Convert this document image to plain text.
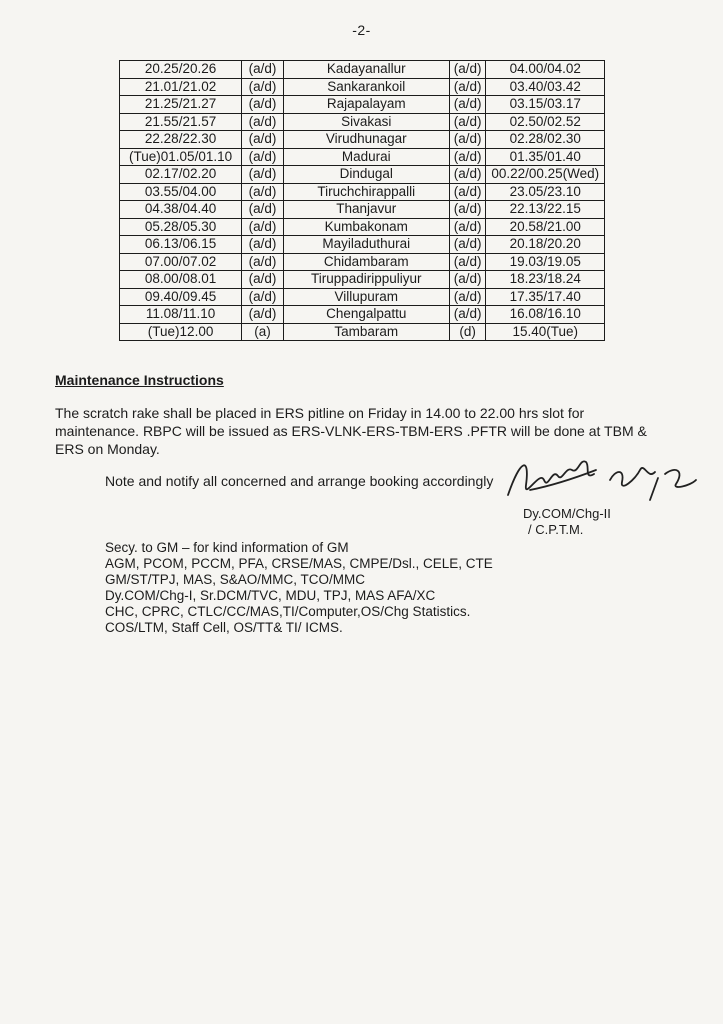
-2-
20.25/20.26	(a/d)	Kadayanallur	(a/d)	04.00/04.02
21.01/21.02	(a/d)	Sankarankoil	(a/d)	03.40/03.42
21.25/21.27	(a/d)	Rajapalayam	(a/d)	03.15/03.17
21.55/21.57	(a/d)	Sivakasi	(a/d)	02.50/02.52
22.28/22.30	(a/d)	Virudhunagar	(a/d)	02.28/02.30
(Tue)01.05/01.10	(a/d)	Madurai	(a/d)	01.35/01.40
02.17/02.20	(a/d)	Dindugal	(a/d)	00.22/00.25(Wed)
03.55/04.00	(a/d)	Tiruchchirappalli	(a/d)	23.05/23.10
04.38/04.40	(a/d)	Thanjavur	(a/d)	22.13/22.15
05.28/05.30	(a/d)	Kumbakonam	(a/d)	20.58/21.00
06.13/06.15	(a/d)	Mayiladuthurai	(a/d)	20.18/20.20
07.00/07.02	(a/d)	Chidambaram	(a/d)	19.03/19.05
08.00/08.01	(a/d)	Tiruppadirippuliyur	(a/d)	18.23/18.24
09.40/09.45	(a/d)	Villupuram	(a/d)	17.35/17.40
11.08/11.10	(a/d)	Chengalpattu	(a/d)	16.08/16.10
(Tue)12.00	(a)	Tambaram	(d)	15.40(Tue)
Maintenance Instructions
The scratch rake shall be placed in ERS pitline on Friday in 14.00 to 22.00 hrs slot for
maintenance. RBPC will be issued as ERS-VLNK-ERS-TBM-ERS .PFTR will be done at TBM &
ERS on Monday.
Note and notify all concerned and arrange booking accordingly
Dy.COM/Chg-II
/ C.P.T.M.
Secy. to GM – for kind information of GM
AGM, PCOM, PCCM, PFA, CRSE/MAS, CMPE/Dsl., CELE, CTE
GM/ST/TPJ, MAS, S&AO/MMC, TCO/MMC
Dy.COM/Chg-I, Sr.DCM/TVC, MDU, TPJ, MAS AFA/XC
CHC, CPRC, CTLC/CC/MAS,TI/Computer,OS/Chg Statistics.
COS/LTM, Staff Cell, OS/TT& TI/ ICMS.
